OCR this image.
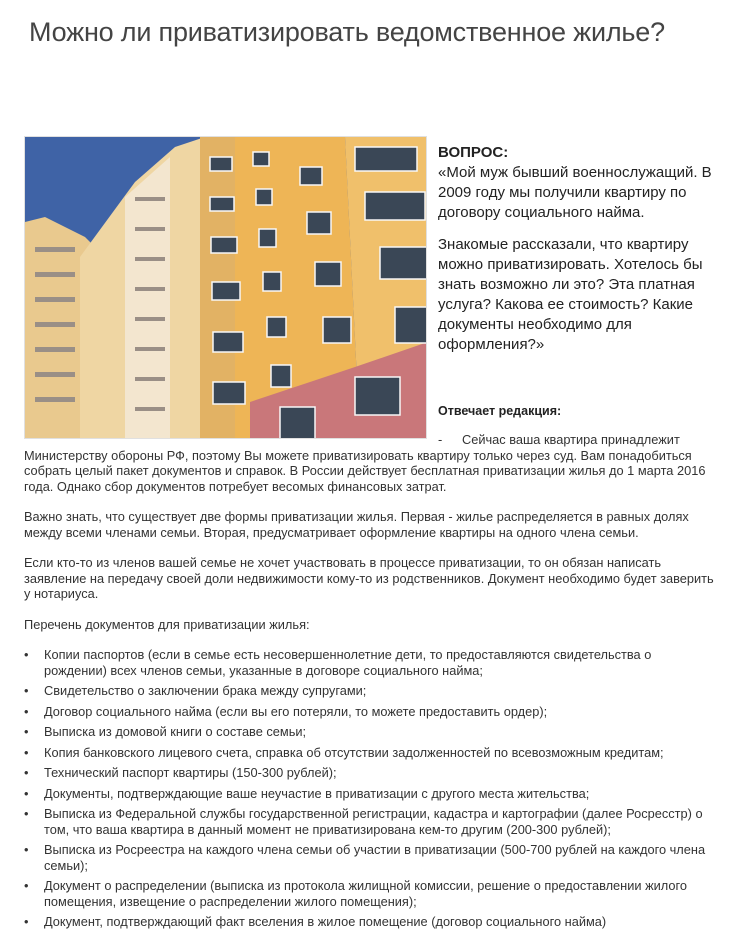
Можно ли приватизировать ведомственное жилье?
ВОПРОС:

«Мой муж бывший военнослужащий. В 2009 году мы получили квартиру по договору социального найма.

Знакомые рассказали, что квартиру можно приватизировать. Хотелось бы знать возможно ли это? Эта платная услуга? Какова ее стоимость? Какие документы необходимо для оформления?»

Отвечает редакция:

- Сейчас ваша квартира принадлежит
Министерству обороны РФ, поэтому Вы можете приватизировать квартиру только через суд. Вам понадобиться собрать целый пакет документов и справок. В России действует бесплатная приватизации жилья до 1 марта 2016 года. Однако сбор документов потребует весомых финансовых затрат.

Важно знать, что существует две формы приватизации жилья. Первая - жилье распределяется в равных долях между всеми членами семьи. Вторая, предусматривает оформление квартиры на одного члена семьи.

Если кто-то из членов вашей семье не хочет участвовать в процессе приватизации, то он обязан написать заявление на передачу своей доли недвижимости кому-то из родственников. Документ необходимо будет заверить у нотариуса.

Перечень документов для приватизации жилья:

•	Копии паспортов (если в семье есть несовершеннолетние дети, то предоставляются свидетельства о рождении) всех членов семьи, указанные в договоре социального найма;
•	Свидетельство о заключении брака между супругами;
•	Договор социального найма (если вы его потеряли, то можете предоставить ордер);
•	Выписка из домовой книги о составе семьи;
•	Копия банковского лицевого счета, справка об отсутствии задолженностей по всевозможным кредитам;
•	Технический паспорт квартиры (150-300 рублей);
•	Документы, подтверждающие ваше неучастие в приватизации с другого места жительства;
•	Выписка из Федеральной службы государственной регистрации, кадастра и картографии (далее Росресстр) о том, что ваша квартира в данный момент не приватизирована кем-то другим (200-300 рублей);
•	Выписка из Росреестра на каждого члена семьи об участии в приватизации (500-700 рублей на каждого члена семьи);
•	Документ о распределении (выписка из протокола жилищной комиссии, решение о предоставлении жилого помещения, извещение о распределении жилого помещения);
•	Документ, подтверждающий факт вселения в жилое помещение (договор социального найма)
